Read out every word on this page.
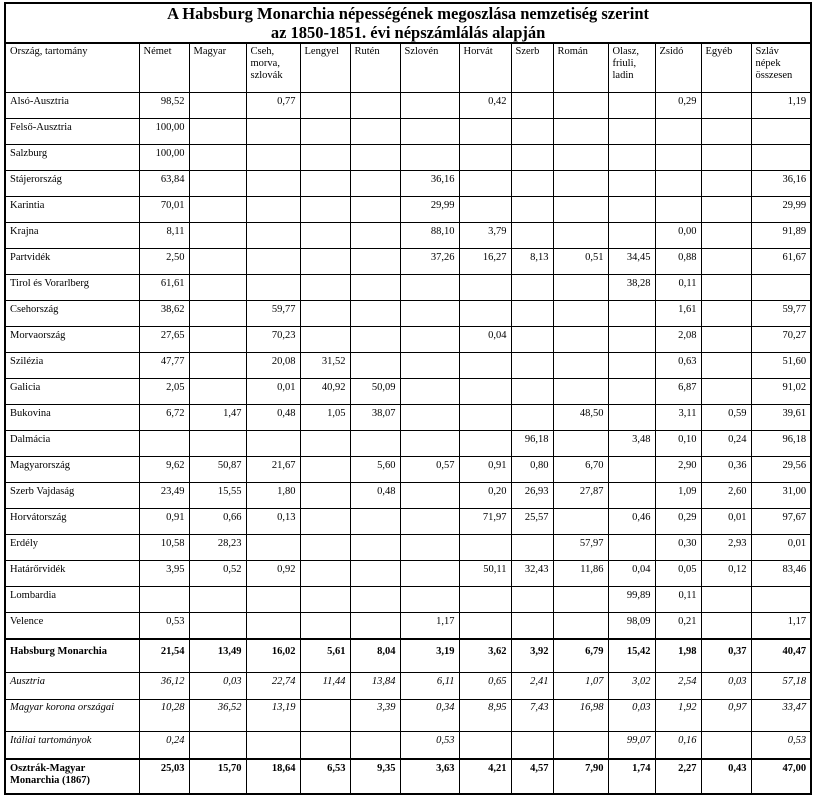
A Habsburg Monarchia népességének megoszlása nemzetiség szerint
az 1850-1851. évi népszámlálás alapján													

Ország, tartomány	Német	Magyar	Cseh, morva, szlovák	Lengyel	Rutén	Szlovén	Horvát	Szerb	Román	Olasz, friuli, ladin	Zsidó	Egyéb	Szláv népek összesen
Alsó-Ausztria	98,52		0,77				0,42				0,29		1,19
Felső-Ausztria	100,00												
Salzburg	100,00												
Stájerország	63,84					36,16							36,16
Karintia	70,01					29,99							29,99
Krajna	8,11					88,10	3,79				0,00		91,89
Partvidék	2,50					37,26	16,27	8,13	0,51	34,45	0,88		61,67
Tirol és Vorarlberg	61,61									38,28	0,11		
Csehország	38,62		59,77								1,61		59,77
Morvaország	27,65		70,23				0,04				2,08		70,27
Szilézia	47,77		20,08	31,52							0,63		51,60
Galicia	2,05		0,01	40,92	50,09						6,87		91,02
Bukovina	6,72	1,47	0,48	1,05	38,07				48,50		3,11	0,59	39,61
Dalmácia								96,18		3,48	0,10	0,24	96,18
Magyarország	9,62	50,87	21,67		5,60	0,57	0,91	0,80	6,70		2,90	0,36	29,56
Szerb Vajdaság	23,49	15,55	1,80		0,48		0,20	26,93	27,87		1,09	2,60	31,00
Horvátország	0,91	0,66	0,13				71,97	25,57		0,46	0,29	0,01	97,67
Erdély	10,58	28,23							57,97		0,30	2,93	0,01
Határőrvidék	3,95	0,52	0,92				50,11	32,43	11,86	0,04	0,05	0,12	83,46
Lombardia										99,89	0,11		
Velence	0,53					1,17				98,09	0,21		1,17
Habsburg Monarchia	21,54	13,49	16,02	5,61	8,04	3,19	3,62	3,92	6,79	15,42	1,98	0,37	40,47
Ausztria	36,12	0,03	22,74	11,44	13,84	6,11	0,65	2,41	1,07	3,02	2,54	0,03	57,18
Magyar korona országai	10,28	36,52	13,19		3,39	0,34	8,95	7,43	16,98	0,03	1,92	0,97	33,47
Itáliai tartományok	0,24					0,53				99,07	0,16		0,53
Osztrák-Magyar Monarchia (1867)	25,03	15,70	18,64	6,53	9,35	3,63	4,21	4,57	7,90	1,74	2,27	0,43	47,00
